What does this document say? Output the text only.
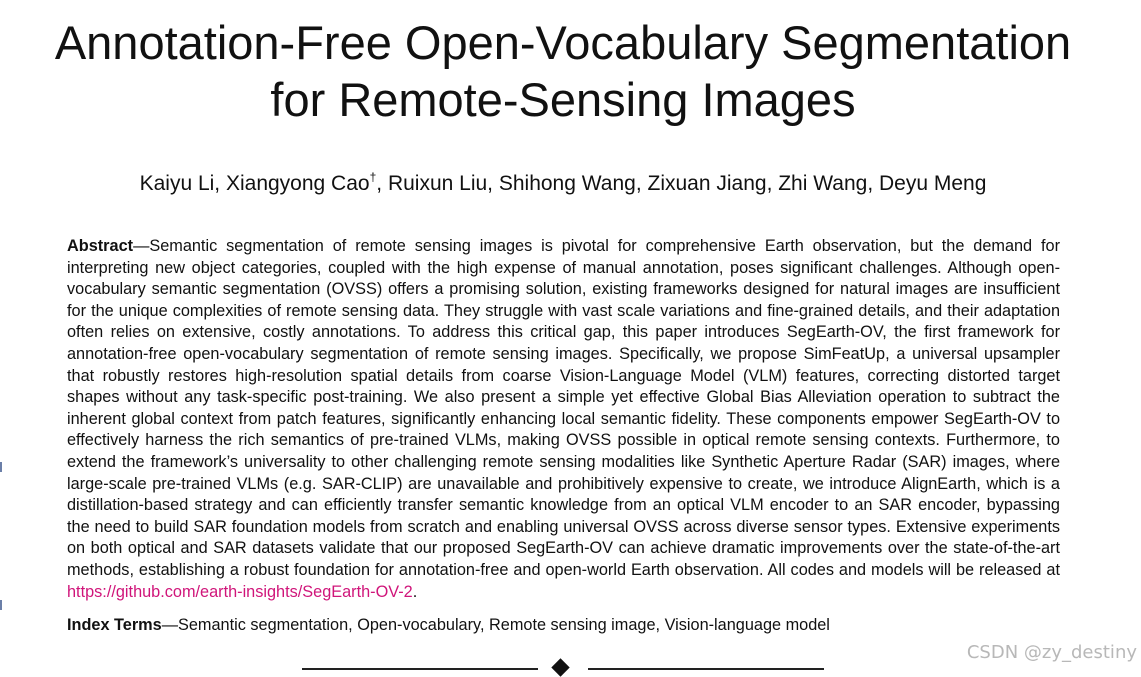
Annotation-Free Open-Vocabulary Segmentation
for Remote-Sensing Images
Kaiyu Li, Xiangyong Cao†, Ruixun Liu, Shihong Wang, Zixuan Jiang, Zhi Wang, Deyu Meng

Abstract—Semantic segmentation of remote sensing images is pivotal for comprehensive Earth observation, but the demand for interpreting new object categories, coupled with the high expense of manual annotation, poses significant challenges. Although open-vocabulary semantic segmentation (OVSS) offers a promising solution, existing frameworks designed for natural images are insufficient for the unique complexities of remote sensing data. They struggle with vast scale variations and fine-grained details, and their adaptation often relies on extensive, costly annotations. To address this critical gap, this paper introduces SegEarth-OV, the first framework for annotation-free open-vocabulary segmentation of remote sensing images. Specifically, we propose SimFeatUp, a universal upsampler that robustly restores high-resolution spatial details from coarse Vision-Language Model (VLM) features, correcting distorted target shapes without any task-specific post-training. We also present a simple yet effective Global Bias Alleviation operation to subtract the inherent global context from patch features, significantly enhancing local semantic fidelity. These components empower SegEarth-OV to effectively harness the rich semantics of pre-trained VLMs, making OVSS possible in optical remote sensing contexts. Furthermore, to extend the framework’s universality to other challenging remote sensing modalities like Synthetic Aperture Radar (SAR) images, where large-scale pre-trained VLMs (e.g. SAR-CLIP) are unavailable and prohibitively expensive to create, we introduce AlignEarth, which is a distillation-based strategy and can efficiently transfer semantic knowledge from an optical VLM encoder to an SAR encoder, bypassing the need to build SAR foundation models from scratch and enabling universal OVSS across diverse sensor types. Extensive experiments on both optical and SAR datasets validate that our proposed SegEarth-OV can achieve dramatic improvements over the state-of-the-art methods, establishing a robust foundation for annotation-free and open-world Earth observation. All codes and models will be released at https://github.com/earth-insights/SegEarth-OV-2.

Index Terms—Semantic segmentation, Open-vocabulary, Remote sensing image, Vision-language model

CSDN @zy_destiny
